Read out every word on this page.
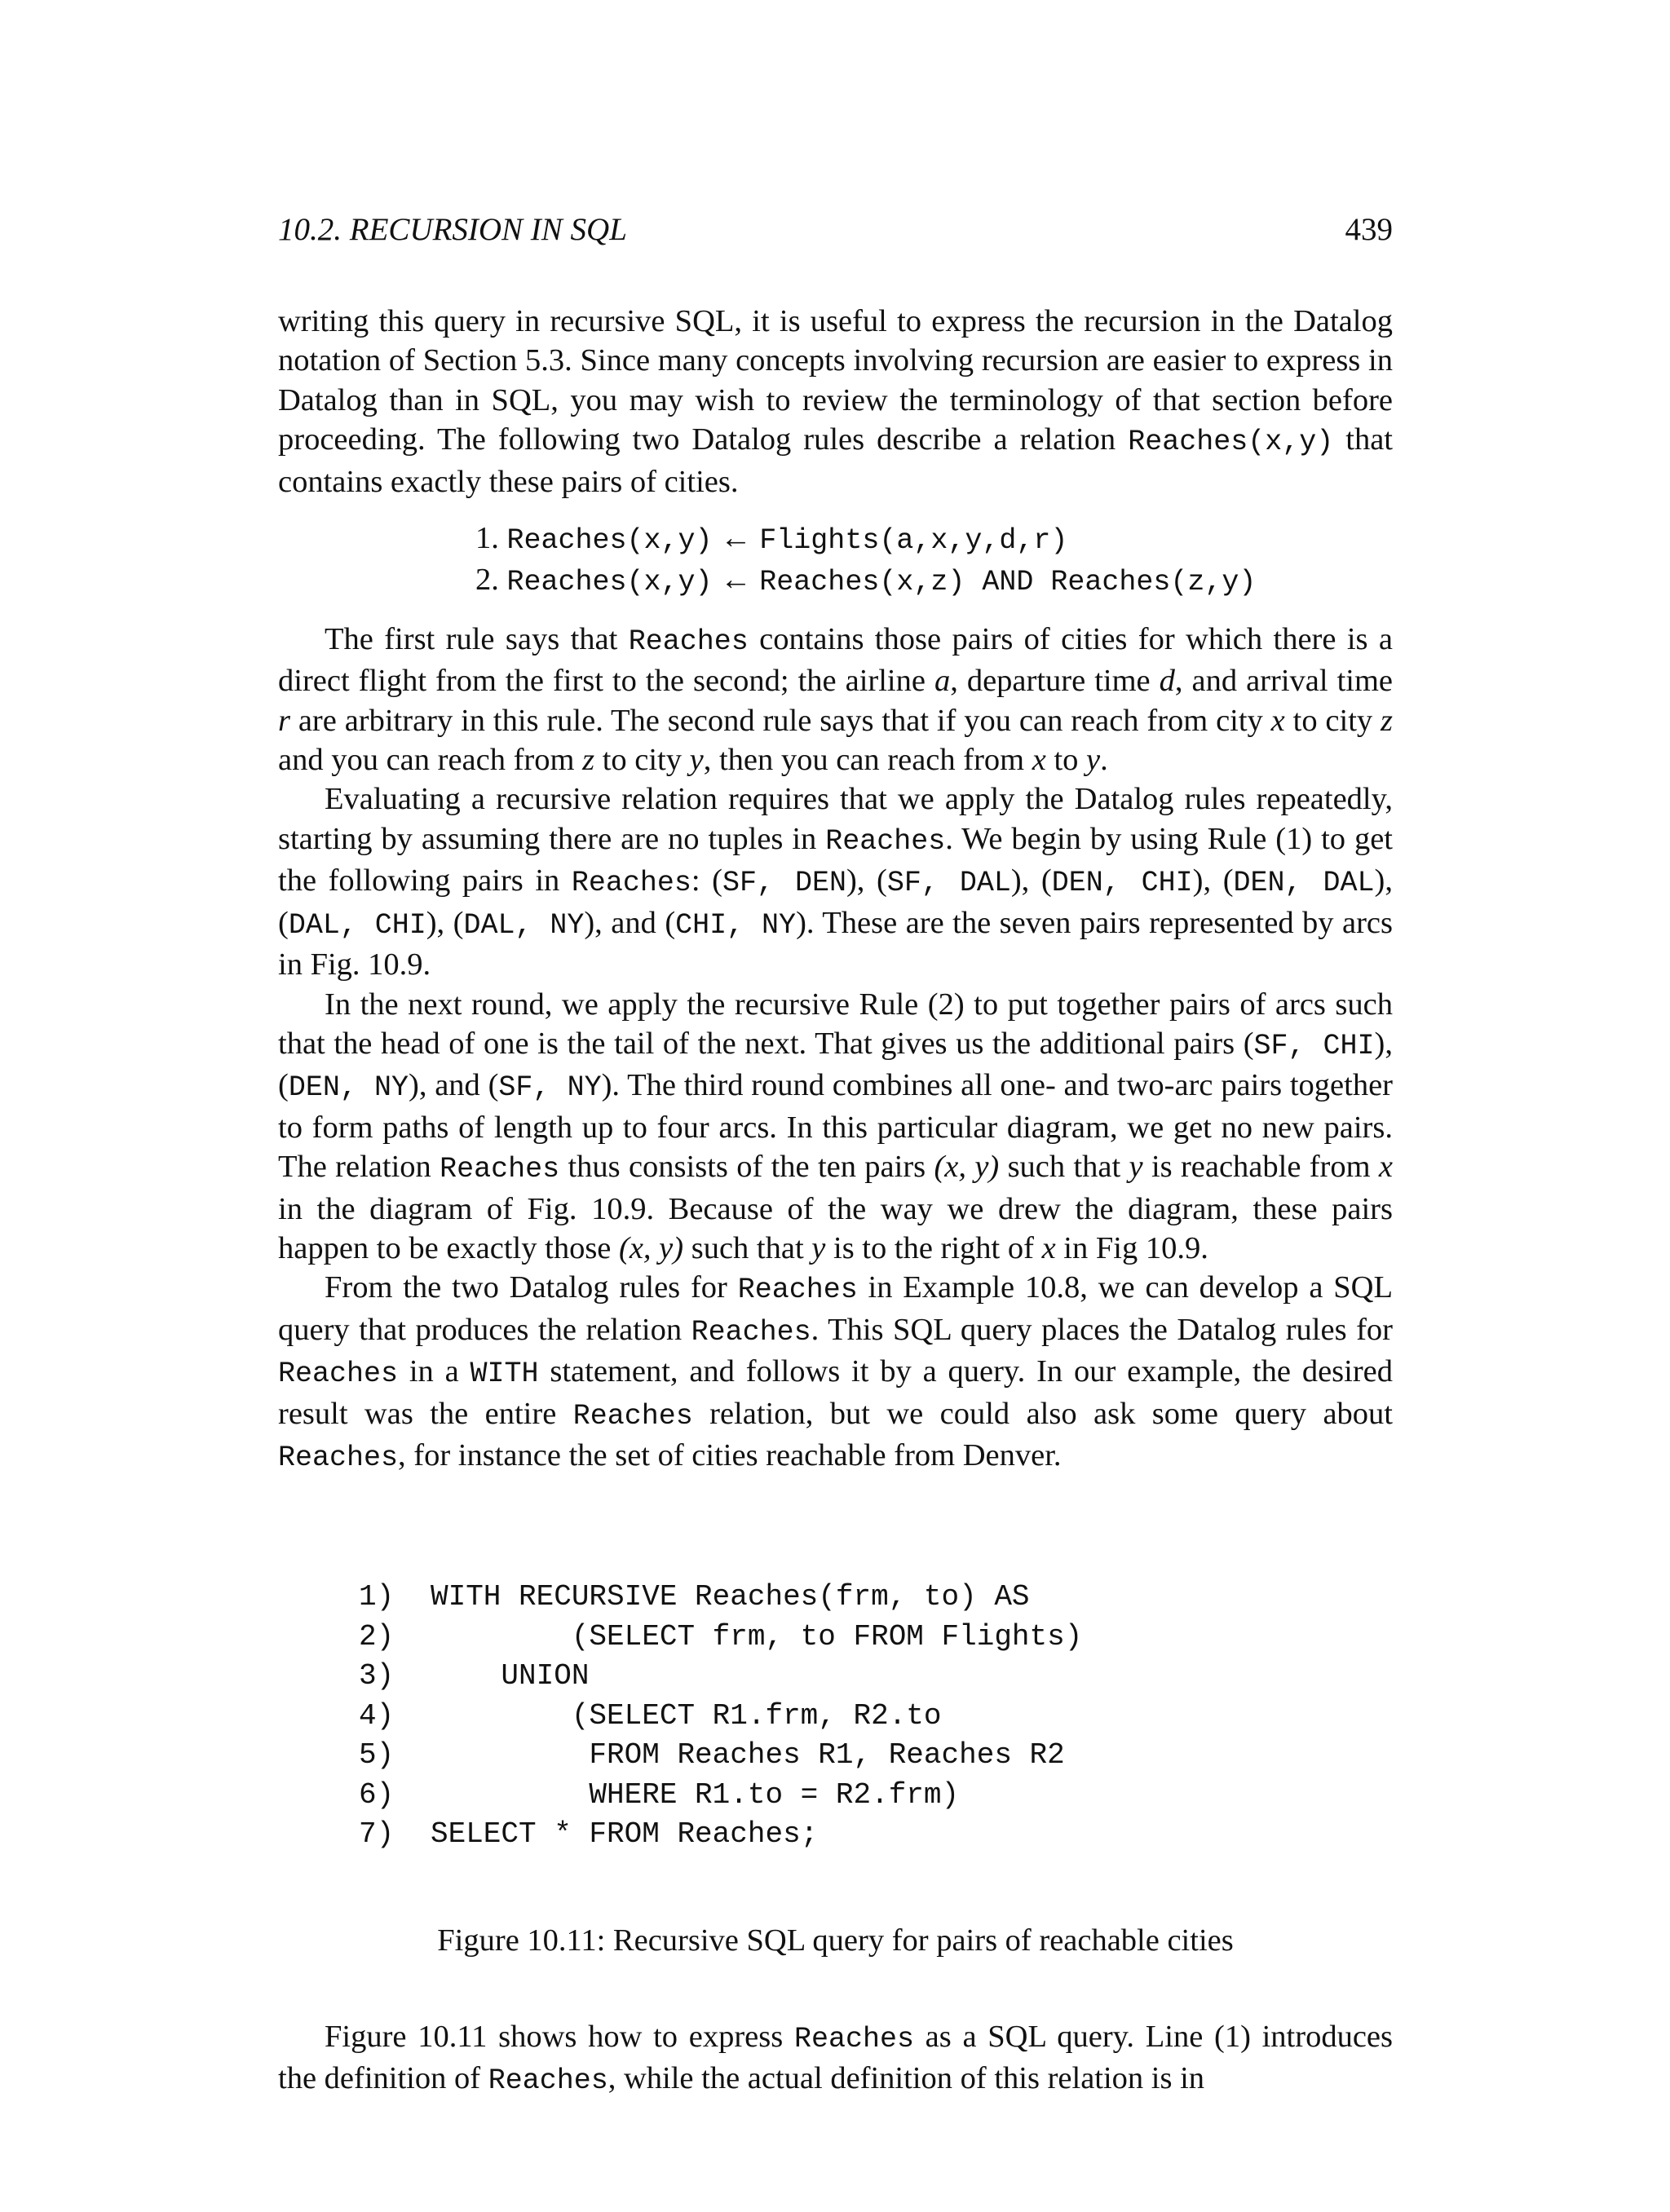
10.2. RECURSION IN SQL	439

writing this query in recursive SQL, it is useful to express the recursion in the Datalog notation of Section 5.3. Since many concepts involving recursion are easier to express in Datalog than in SQL, you may wish to review the terminology of that section before proceeding. The following two Datalog rules describe a relation Reaches(x,y) that contains exactly these pairs of cities.

1. Reaches(x,y) ← Flights(a,x,y,d,r)
2. Reaches(x,y) ← Reaches(x,z) AND Reaches(z,y)

The first rule says that Reaches contains those pairs of cities for which there is a direct flight from the first to the second; the airline a, departure time d, and arrival time r are arbitrary in this rule. The second rule says that if you can reach from city x to city z and you can reach from z to city y, then you can reach from x to y.

Evaluating a recursive relation requires that we apply the Datalog rules repeatedly, starting by assuming there are no tuples in Reaches. We begin by using Rule (1) to get the following pairs in Reaches: (SF, DEN), (SF, DAL), (DEN, CHI), (DEN, DAL), (DAL, CHI), (DAL, NY), and (CHI, NY). These are the seven pairs represented by arcs in Fig. 10.9.

In the next round, we apply the recursive Rule (2) to put together pairs of arcs such that the head of one is the tail of the next. That gives us the additional pairs (SF, CHI), (DEN, NY), and (SF, NY). The third round combines all one- and two-arc pairs together to form paths of length up to four arcs. In this particular diagram, we get no new pairs. The relation Reaches thus consists of the ten pairs (x, y) such that y is reachable from x in the diagram of Fig. 10.9. Because of the way we drew the diagram, these pairs happen to be exactly those (x, y) such that y is to the right of x in Fig 10.9.

From the two Datalog rules for Reaches in Example 10.8, we can develop a SQL query that produces the relation Reaches. This SQL query places the Datalog rules for Reaches in a WITH statement, and follows it by a query. In our example, the desired result was the entire Reaches relation, but we could also ask some query about Reaches, for instance the set of cities reachable from Denver.

1) WITH RECURSIVE Reaches(frm, to) AS
2)        (SELECT frm, to FROM Flights)
3)    UNION
4)        (SELECT R1.frm, R2.to
5)         FROM Reaches R1, Reaches R2
6)         WHERE R1.to = R2.frm)
7) SELECT * FROM Reaches;
Figure 10.11: Recursive SQL query for pairs of reachable cities
Figure 10.11 shows how to express Reaches as a SQL query. Line (1) introduces the definition of Reaches, while the actual definition of this relation is in
